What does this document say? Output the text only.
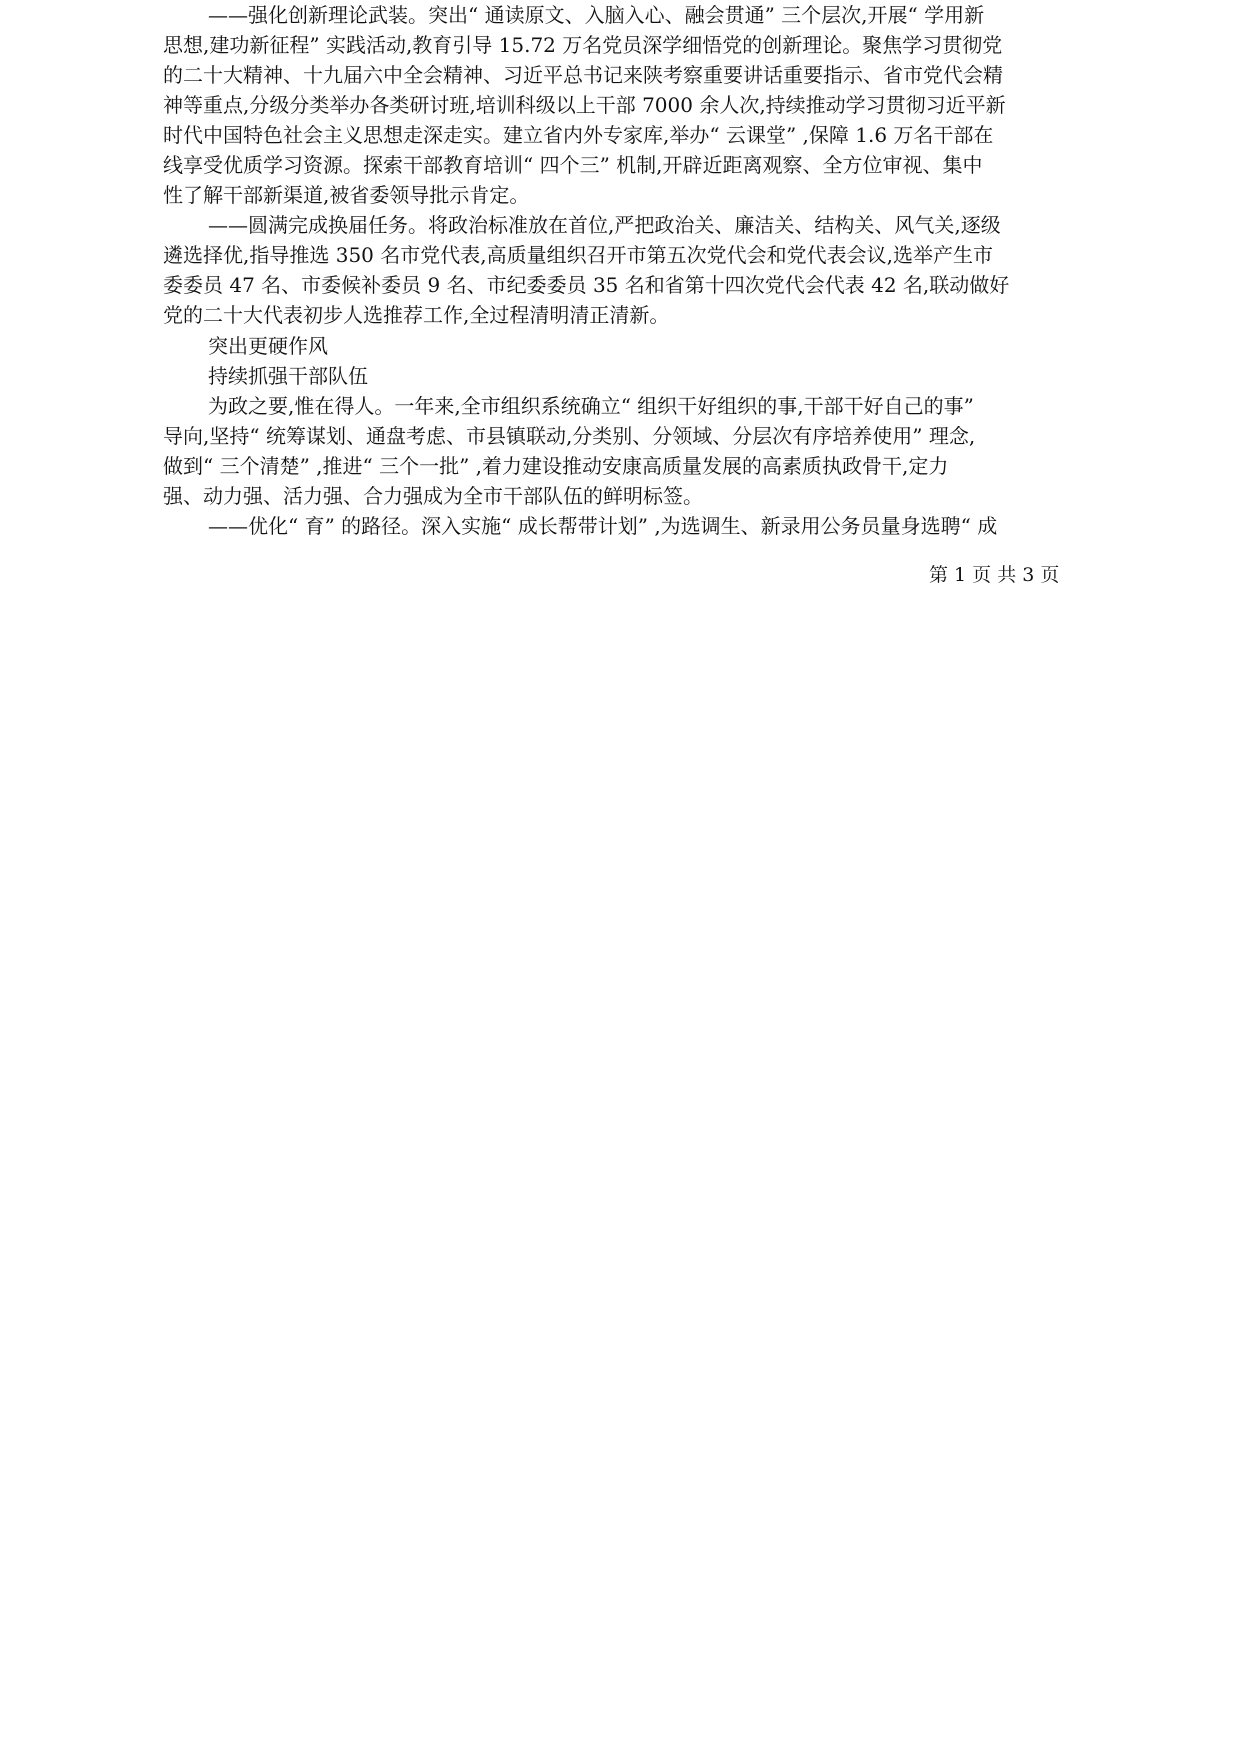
——强化创新理论武装。突出“ 通读原文、入脑入心、融会贯通” 三个层次,开展“ 学用新
思想,建功新征程” 实践活动,教育引导 15.72 万名党员深学细悟党的创新理论。聚焦学习贯彻党
的二十大精神、十九届六中全会精神、习近平总书记来陕考察重要讲话重要指示、省市党代会精
神等重点,分级分类举办各类研讨班,培训科级以上干部 7000 余人次,持续推动学习贯彻习近平新
时代中国特色社会主义思想走深走实。建立省内外专家库,举办“ 云课堂” ,保障 1.6 万名干部在
线享受优质学习资源。探索干部教育培训“ 四个三” 机制,开辟近距离观察、全方位审视、集中
性了解干部新渠道,被省委领导批示肯定。
——圆满完成换届任务。将政治标准放在首位,严把政治关、廉洁关、结构关、风气关,逐级
遴选择优,指导推选 350 名市党代表,高质量组织召开市第五次党代会和党代表会议,选举产生市
委委员 47 名、市委候补委员 9 名、市纪委委员 35 名和省第十四次党代会代表 42 名,联动做好
党的二十大代表初步人选推荐工作,全过程清明清正清新。
突出更硬作风
持续抓强干部队伍
为政之要,惟在得人。一年来,全市组织系统确立“ 组织干好组织的事,干部干好自己的事”
导向,坚持“ 统筹谋划、通盘考虑、市县镇联动,分类别、分领域、分层次有序培养使用” 理念,
做到“ 三个清楚” ,推进“ 三个一批” ,着力建设推动安康高质量发展的高素质执政骨干,定力
强、动力强、活力强、合力强成为全市干部队伍的鲜明标签。
——优化“ 育” 的路径。深入实施“ 成长帮带计划” ,为选调生、新录用公务员量身选聘“ 成
第 1 页 共 3 页
